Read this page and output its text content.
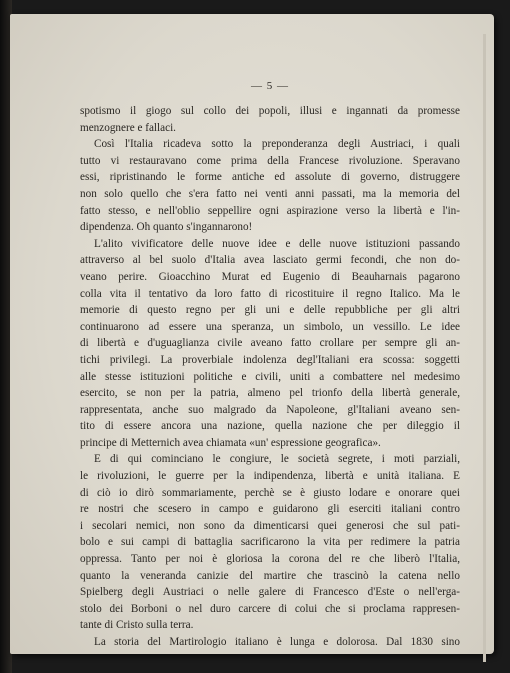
— 5 —
spotismo il giogo sul collo dei popoli, illusi e ingannati da promesse
menzognere e fallaci.
Così l'Italia ricadeva sotto la preponderanza degli Austriaci, i quali
tutto vi restauravano come prima della Francese rivoluzione. Speravano
essi, ripristinando le forme antiche ed assolute di governo, distruggere
non solo quello che s'era fatto nei venti anni passati, ma la memoria del
fatto stesso, e nell'oblio seppellire ogni aspirazione verso la libertà e l'in-
dipendenza. Oh quanto s'ingannarono!
L'alito vivificatore delle nuove idee e delle nuove istituzioni passando
attraverso al bel suolo d'Italia avea lasciato germi fecondi, che non do-
veano perire. Gioacchino Murat ed Eugenio di Beauharnais pagarono
colla vita il tentativo da loro fatto di ricostituire il regno Italico. Ma le
memorie di questo regno per gli uni e delle repubbliche per gli altri
continuarono ad essere una speranza, un simbolo, un vessillo. Le idee
di libertà e d'uguaglianza civile aveano fatto crollare per sempre gli an-
tichi privilegi. La proverbiale indolenza degl'Italiani era scossa: soggetti
alle stesse istituzioni politiche e civili, uniti a combattere nel medesimo
esercito, se non per la patria, almeno pel trionfo della libertà generale,
rappresentata, anche suo malgrado da Napoleone, gl'Italiani aveano sen-
tito di essere ancora una nazione, quella nazione che per dileggio il
principe di Metternich avea chiamata «un' espressione geografica».
E di qui cominciano le congiure, le società segrete, i moti parziali,
le rivoluzioni, le guerre per la indipendenza, libertà e unità italiana. E
di ciò io dirò sommariamente, perchè se è giusto lodare e onorare quei
re nostri che scesero in campo e guidarono gli eserciti italiani contro
i secolari nemici, non sono da dimenticarsi quei generosi che sul pati-
bolo e sui campi di battaglia sacrificarono la vita per redimere la patria
oppressa. Tanto per noi è gloriosa la corona del re che liberò l'Italia,
quanto la veneranda canizie del martire che trascinò la catena nello
Spielberg degli Austriaci o nelle galere di Francesco d'Este o nell'erga-
stolo dei Borboni o nel duro carcere di colui che si proclama rappresen-
tante di Cristo sulla terra.
La storia del Martirologio italiano è lunga e dolorosa. Dal 1830 sino
